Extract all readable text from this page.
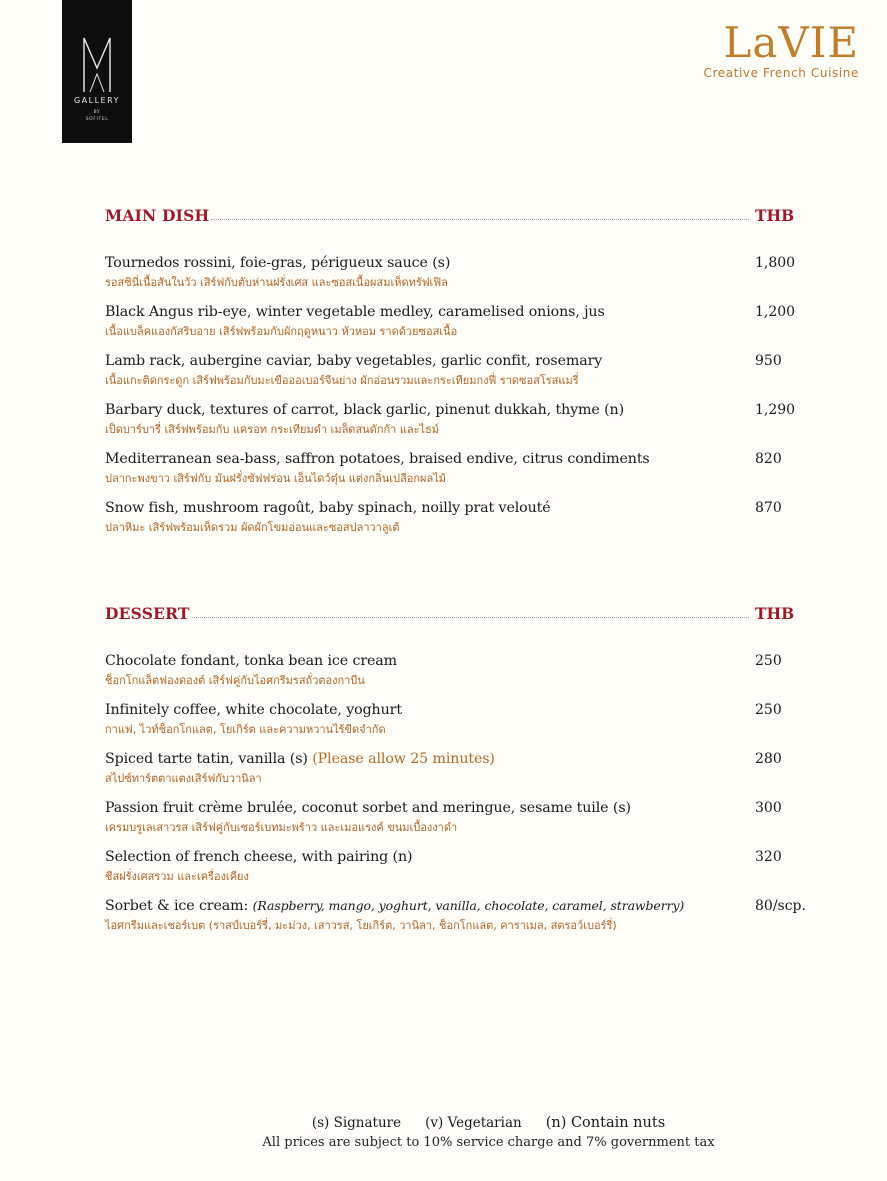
GALLERY
BY
SOFITEL
LaVIE
Creative French Cuisine
MAIN DISH	THB
Tournedos rossini, foie-gras, périgueux sauce (s)	1,800
รอสซินี่เนื้อสันในวัว เสิร์ฟกับตับห่านฝรั่งเศส และซอสเนื้อผสมเห็ดทรัฟเฟิล
Black Angus rib-eye, winter vegetable medley, caramelised onions, jus	1,200
เนื้อแบล็คแองกัสริบอาย เสิร์ฟพร้อมกับผักฤดูหนาว หัวหอม ราดด้วยซอสเนื้อ
Lamb rack, aubergine caviar, baby vegetables, garlic confit, rosemary	950
เนื้อแกะติดกระดูก เสิร์ฟพร้อมกับมะเขือออเบอร์จีนย่าง ผักอ่อนรวมและกระเทียมกงฟี่ ราดซอสโรสแมรี่
Barbary duck, textures of carrot, black garlic, pinenut dukkah, thyme (n)	1,290
เป็ดบาร์บารี่ เสิร์ฟพร้อมกับ แครอท กระเทียมดำ เมล็ดสนดักก้า และไธม์
Mediterranean sea-bass, saffron potatoes, braised endive, citrus condiments	820
ปลากะพงขาว เสิร์ฟกับ มันฝรั่งซัฟฟร่อน เอ็นไดว์ตุ๋น แต่งกลิ่นเปลือกผลไม้
Snow fish, mushroom ragoût, baby spinach, noilly prat velouté	870
ปลาหิมะ เสิร์ฟพร้อมเห็ดรวม ผัดผักโขมอ่อนและซอสปลาวาลูเต้
DESSERT	THB
Chocolate fondant, tonka bean ice cream	250
ช็อกโกแล็ตฟองดองต์ เสิร์ฟคู่กับไอศกรีมรสถั่วตองกาบีน
Infinitely coffee, white chocolate, yoghurt	250
กาแฟ, ไวท์ช็อกโกแลต, โยเกิร์ต และความหวานไร้ขีดจำกัด
Spiced tarte tatin, vanilla (s) (Please allow 25 minutes)	280
สไปซ์ทาร์ตตาแตงเสิร์ฟกับวานิลา
Passion fruit crème brulée, coconut sorbet and meringue, sesame tuile (s)	300
เครมบรูเลเสาวรส เสิร์ฟคู่กับเชอร์เบทมะพร้าว และเมอแรงค์ ขนมเบื้องงาดำ
Selection of french cheese, with pairing (n)	320
ชีสฝรั่งเศสรวม และเครื่องเคียง
Sorbet & ice cream: (Raspberry, mango, yoghurt, vanilla, chocolate, caramel, strawberry)	80/scp.
ไอศกรีมและเชอร์เบต (ราสป์เบอร์รี่, มะม่วง, เสาวรส, โยเกิร์ต, วานิลา, ช็อกโกแลต, คาราเมล, สตรอว์เบอร์รี่)
(s) Signature (v) Vegetarian (n) Contain nuts
All prices are subject to 10% service charge and 7% government tax
